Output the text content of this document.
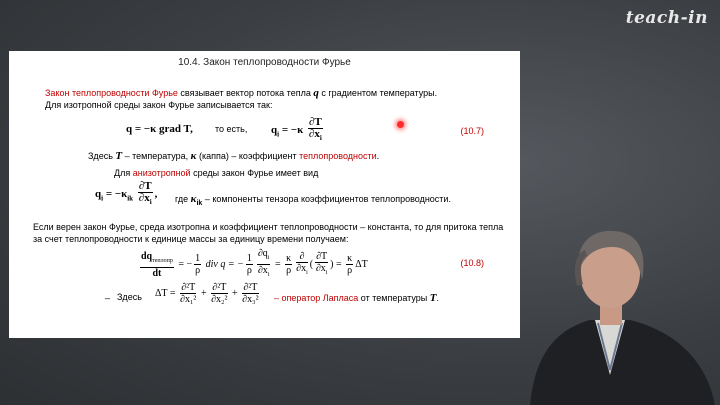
teach-in
10.4. Закон теплопроводности Фурье
Закон теплопроводности Фурье связывает вектор потока тепла q с градиентом температуры.
Для изотропной среды закон Фурье записывается так:
q = −κ grad T, то есть, $q_i = -\kappa \frac{\partial T}{\partial x_i}$	(10.7)
Здесь T – температура, κ (каппа) – коэффициент теплопроводности.
Для анизотропной среды закон Фурье имеет вид
$q_i = -\kappa_{ik} \frac{\partial T}{\partial x_i}$ , где $\kappa_{ik}$ – компоненты тензора коэффициентов теплопроводности.
Если верен закон Фурье, среда изотропна и коэффициент теплопроводности – константа, то для притока тепла
за счет теплопроводности к единице массы за единицу времени получаем:
$\frac{dq_{теплопр}}{dt}$ = − $\frac{1}{\rho}$ div q = − $\frac{1}{\rho} \frac{\partial q_i}{\partial x_i} = \frac{\kappa}{\rho} \frac{\partial}{\partial x_i}$ ( $\frac{\partial T}{\partial x_i}$ ) = $\frac{\kappa}{\rho}$ ΔT	(10.8)
_ Здесь $\Delta T = \frac{\text{∂²T}}{\text{∂x₁²}} + \frac{\text{∂²T}}{\text{∂x₂²}} + \frac{\text{∂²T}}{\text{∂x₃²}}$ – оператор Лапласа от температуры T.
